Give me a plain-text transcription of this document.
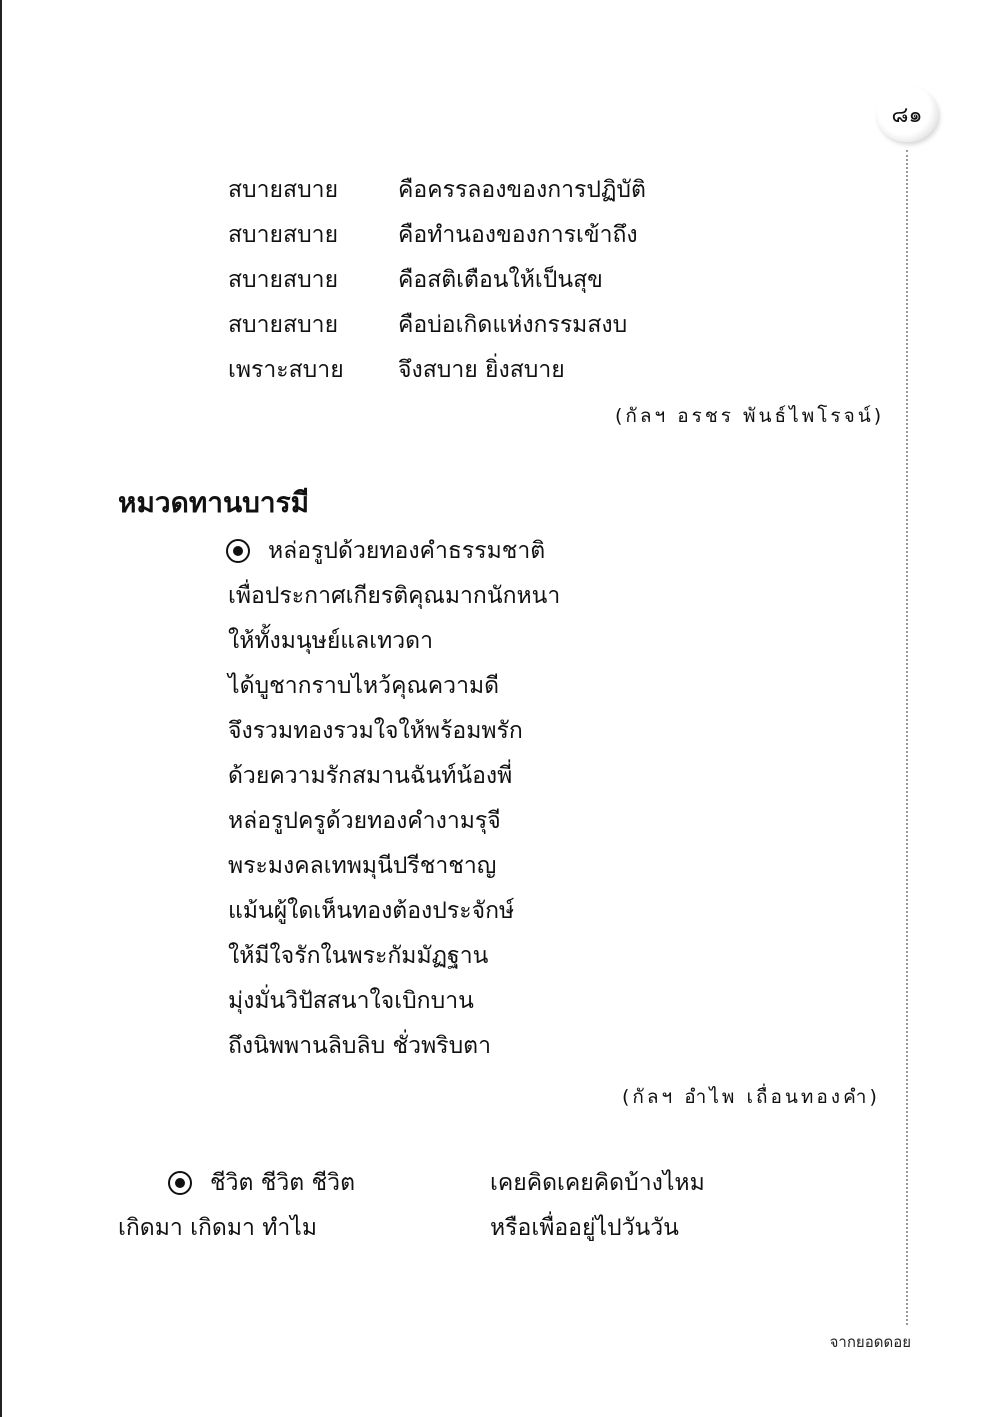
๘๑
สบายสบาย	คือครรลองของการปฏิบัติ
สบายสบาย	คือทำนองของการเข้าถึง
สบายสบาย	คือสติเตือนให้เป็นสุข
สบายสบาย	คือบ่อเกิดแห่งกรรมสงบ
เพราะสบาย	จึงสบาย ยิ่งสบาย
(กัลฯ อรชร พันธ์ไพโรจน์)
หมวดทานบารมี
หล่อรูปด้วยทองคำธรรมชาติ
เพื่อประกาศเกียรติคุณมากนักหนา
ให้ทั้งมนุษย์แลเทวดา
ได้บูชากราบไหว้คุณความดี
จึงรวมทองรวมใจให้พร้อมพรัก
ด้วยความรักสมานฉันท์น้องพี่
หล่อรูปครูด้วยทองคำงามรุจี
พระมงคลเทพมุนีปรีชาชาญ
แม้นผู้ใดเห็นทองต้องประจักษ์
ให้มีใจรักในพระกัมมัฏฐาน
มุ่งมั่นวิปัสสนาใจเบิกบาน
ถึงนิพพานลิบลิบ ชั่วพริบตา
(กัลฯ อำไพ เถื่อนทองคำ)
ชีวิต ชีวิต ชีวิต	เคยคิดเคยคิดบ้างไหม
เกิดมา เกิดมา ทำไม	หรือเพื่ออยู่ไปวันวัน
จากยอดดอย
